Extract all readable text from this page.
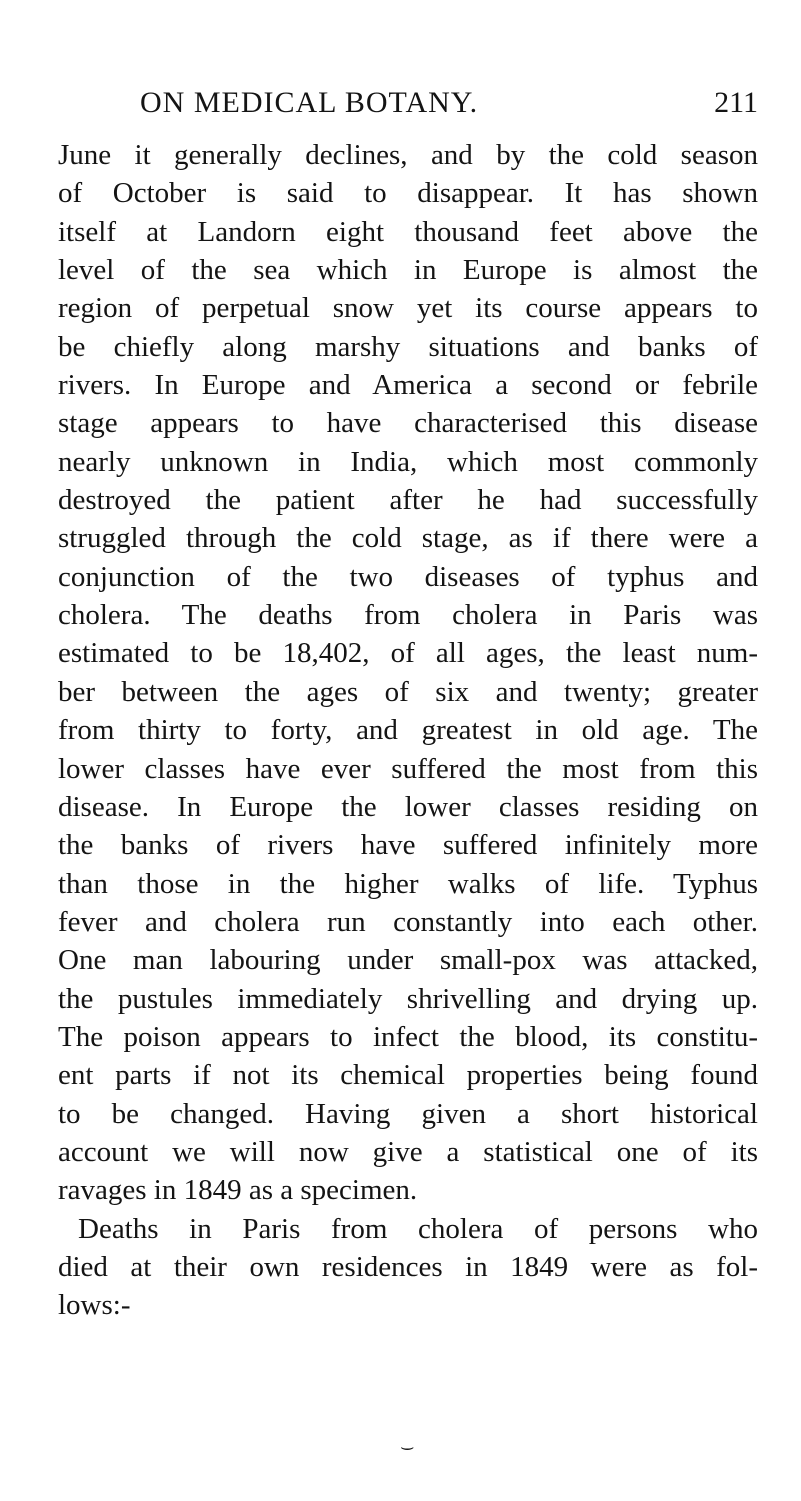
ON MEDICAL BOTANY.	211
June it generally declines, and by the cold season
of October is said to disappear. It has shown
itself at Landorn eight thousand feet above the
level of the sea which in Europe is almost the
region of perpetual snow yet its course appears to
be chiefly along marshy situations and banks of
rivers. In Europe and America a second or febrile
stage appears to have characterised this disease
nearly unknown in India, which most commonly
destroyed the patient after he had successfully
struggled through the cold stage, as if there were a
conjunction of the two diseases of typhus and
cholera. The deaths from cholera in Paris was
estimated to be 18,402, of all ages, the least num-
ber between the ages of six and twenty; greater
from thirty to forty, and greatest in old age. The
lower classes have ever suffered the most from this
disease. In Europe the lower classes residing on
the banks of rivers have suffered infinitely more
than those in the higher walks of life. Typhus
fever and cholera run constantly into each other.
One man labouring under small-pox was attacked,
the pustules immediately shrivelling and drying up.
The poison appears to infect the blood, its constitu-
ent parts if not its chemical properties being found
to be changed. Having given a short historical
account we will now give a statistical one of its
ravages in 1849 as a specimen.
Deaths in Paris from cholera of persons who
died at their own residences in 1849 were as fol-
lows:-
⌣
